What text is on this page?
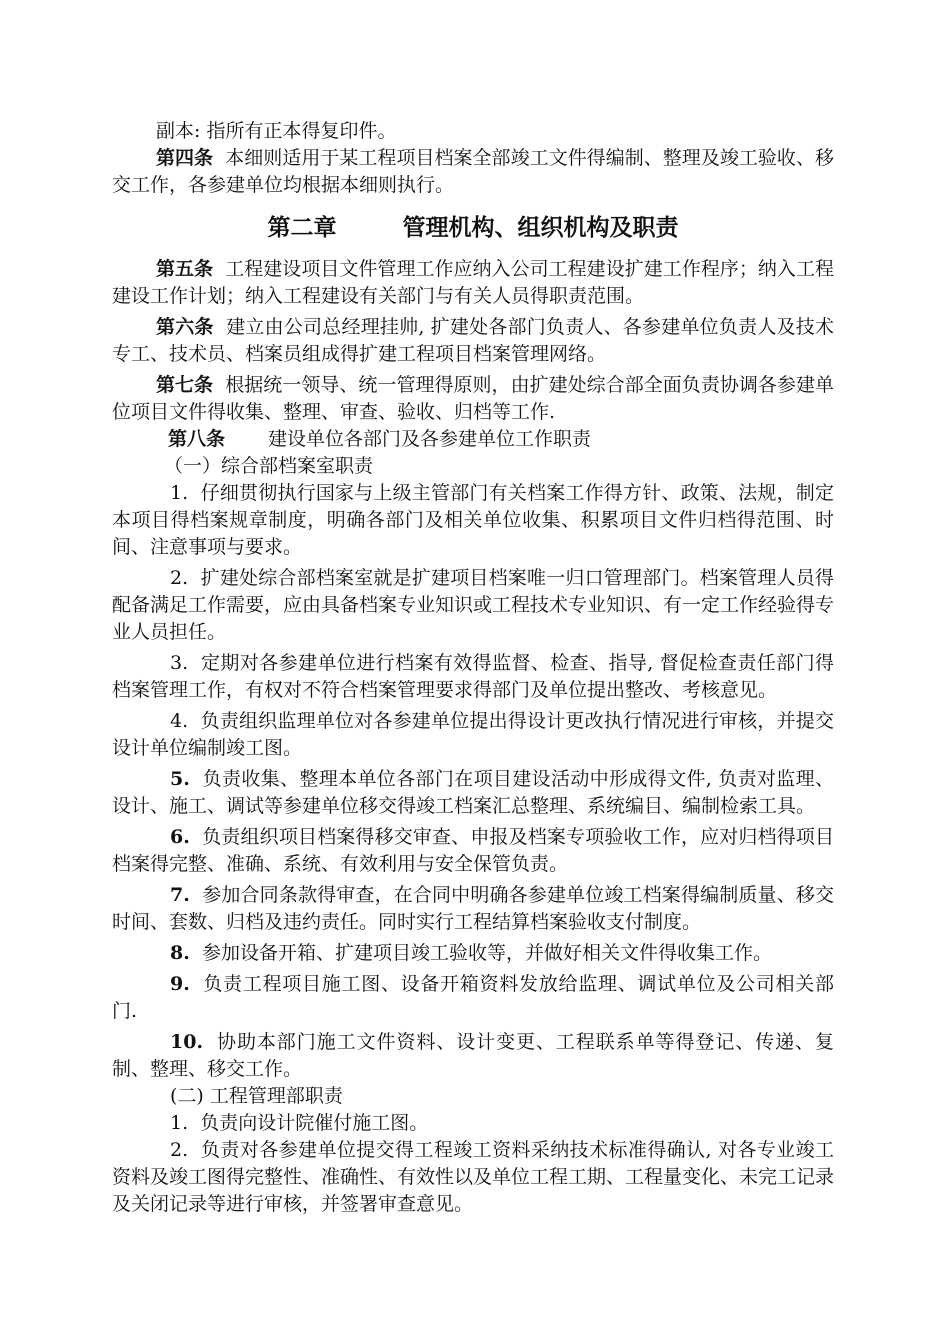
副本: 指所有正本得复印件。

第四条 本细则适用于某工程项目档案全部竣工文件得编制、整理及竣工验收、移交工作，各参建单位均根据本细则执行。

第二章	管理机构、组织机构及职责

第五条 工程建设项目文件管理工作应纳入公司工程建设扩建工作程序；纳入工程建设工作计划；纳入工程建设有关部门与有关人员得职责范围。

第六条 建立由公司总经理挂帅, 扩建处各部门负责人、各参建单位负责人及技术专工、技术员、档案员组成得扩建工程项目档案管理网络。

第七条 根据统一领导、统一管理得原则，由扩建处综合部全面负责协调各参建单位项目文件得收集、整理、审查、验收、归档等工作.

第八条 建设单位各部门及各参建单位工作职责

（一）综合部档案室职责

1. 仔细贯彻执行国家与上级主管部门有关档案工作得方针、政策、法规，制定本项目得档案规章制度，明确各部门及相关单位收集、积累项目文件归档得范围、时间、注意事项与要求。

2. 扩建处综合部档案室就是扩建项目档案唯一归口管理部门。档案管理人员得配备满足工作需要，应由具备档案专业知识或工程技术专业知识、有一定工作经验得专业人员担任。

3. 定期对各参建单位进行档案有效得监督、检查、指导, 督促检查责任部门得档案管理工作，有权对不符合档案管理要求得部门及单位提出整改、考核意见。

4. 负责组织监理单位对各参建单位提出得设计更改执行情况进行审核，并提交设计单位编制竣工图。

5. 负责收集、整理本单位各部门在项目建设活动中形成得文件, 负责对监理、设计、施工、调试等参建单位移交得竣工档案汇总整理、系统编目、编制检索工具。

6. 负责组织项目档案得移交审查、申报及档案专项验收工作，应对归档得项目档案得完整、准确、系统、有效利用与安全保管负责。

7. 参加合同条款得审查，在合同中明确各参建单位竣工档案得编制质量、移交时间、套数、归档及违约责任。同时实行工程结算档案验收支付制度。

8. 参加设备开箱、扩建项目竣工验收等，并做好相关文件得收集工作。

9. 负责工程项目施工图、设备开箱资料发放给监理、调试单位及公司相关部门.

10. 协助本部门施工文件资料、设计变更、工程联系单等得登记、传递、复制、整理、移交工作。

(二) 工程管理部职责

1. 负责向设计院催付施工图。

2. 负责对各参建单位提交得工程竣工资料采纳技术标准得确认, 对各专业竣工资料及竣工图得完整性、准确性、有效性以及单位工程工期、工程量变化、未完工记录及关闭记录等进行审核，并签署审查意见。
